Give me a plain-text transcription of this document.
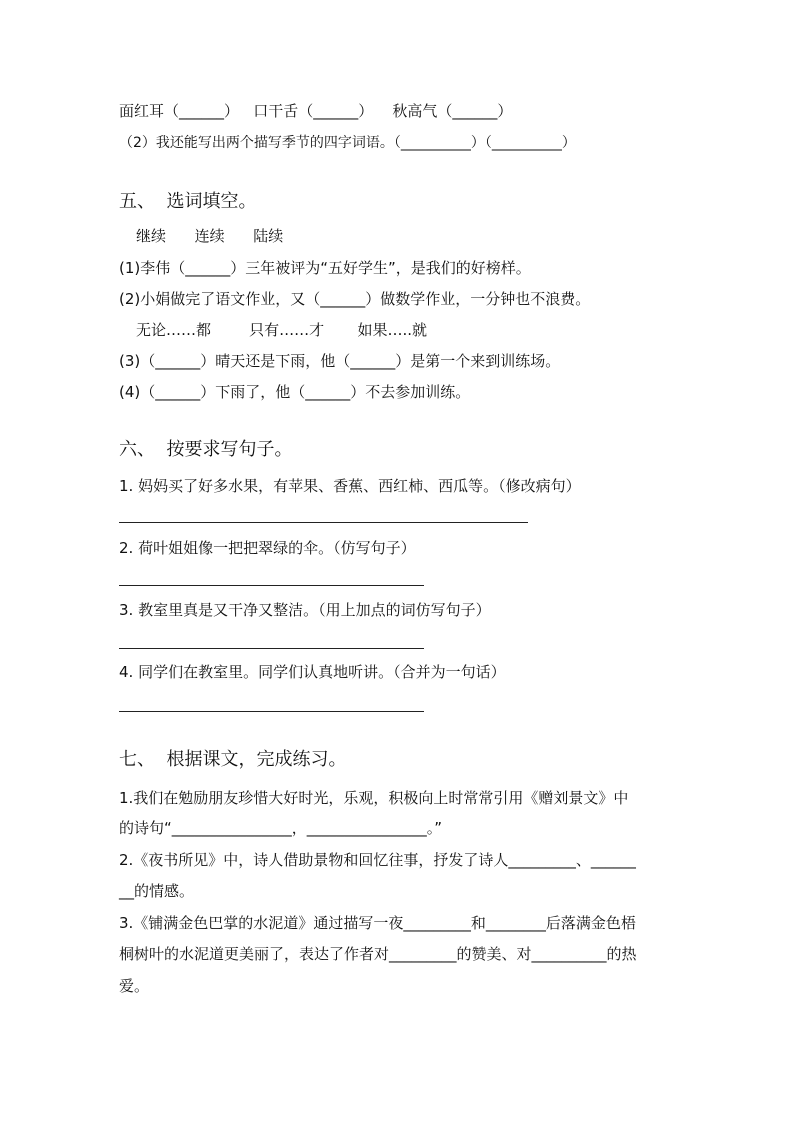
面红耳（______）   口干舌（______）    秋高气（______）
（2）我还能写出两个描写季节的四字词语。（__________）（__________）
五、  选词填空。
继续      连续      陆续
(1)李伟（______）三年被评为“五好学生”，是我们的好榜样。
(2)小娟做完了语文作业，又（______）做数学作业，一分钟也不浪费。
无论……都        只有……才       如果…..就
(3)（______）晴天还是下雨，他（______）是第一个来到训练场。
(4)（______）下雨了，他（______）不去参加训练。
六、  按要求写句子。
1. 妈妈买了好多水果，有苹果、香蕉、西红柿、西瓜等。（修改病句）
2. 荷叶姐姐像一把把翠绿的伞。（仿写句子）
3. 教室里真是又干净又整洁。（用上加点的词仿写句子）
4. 同学们在教室里。同学们认真地听讲。（合并为一句话）
七、  根据课文，完成练习。
1.我们在勉励朋友珍惜大好时光，乐观，积极向上时常常引用《赠刘景文》中
的诗句“________________，________________。”
2.《夜书所见》中，诗人借助景物和回忆往事，抒发了诗人_________、______
__的情感。
3.《铺满金色巴掌的水泥道》通过描写一夜_________和________后落满金色梧
桐树叶的水泥道更美丽了，表达了作者对_________的赞美、对__________的热
爱。
